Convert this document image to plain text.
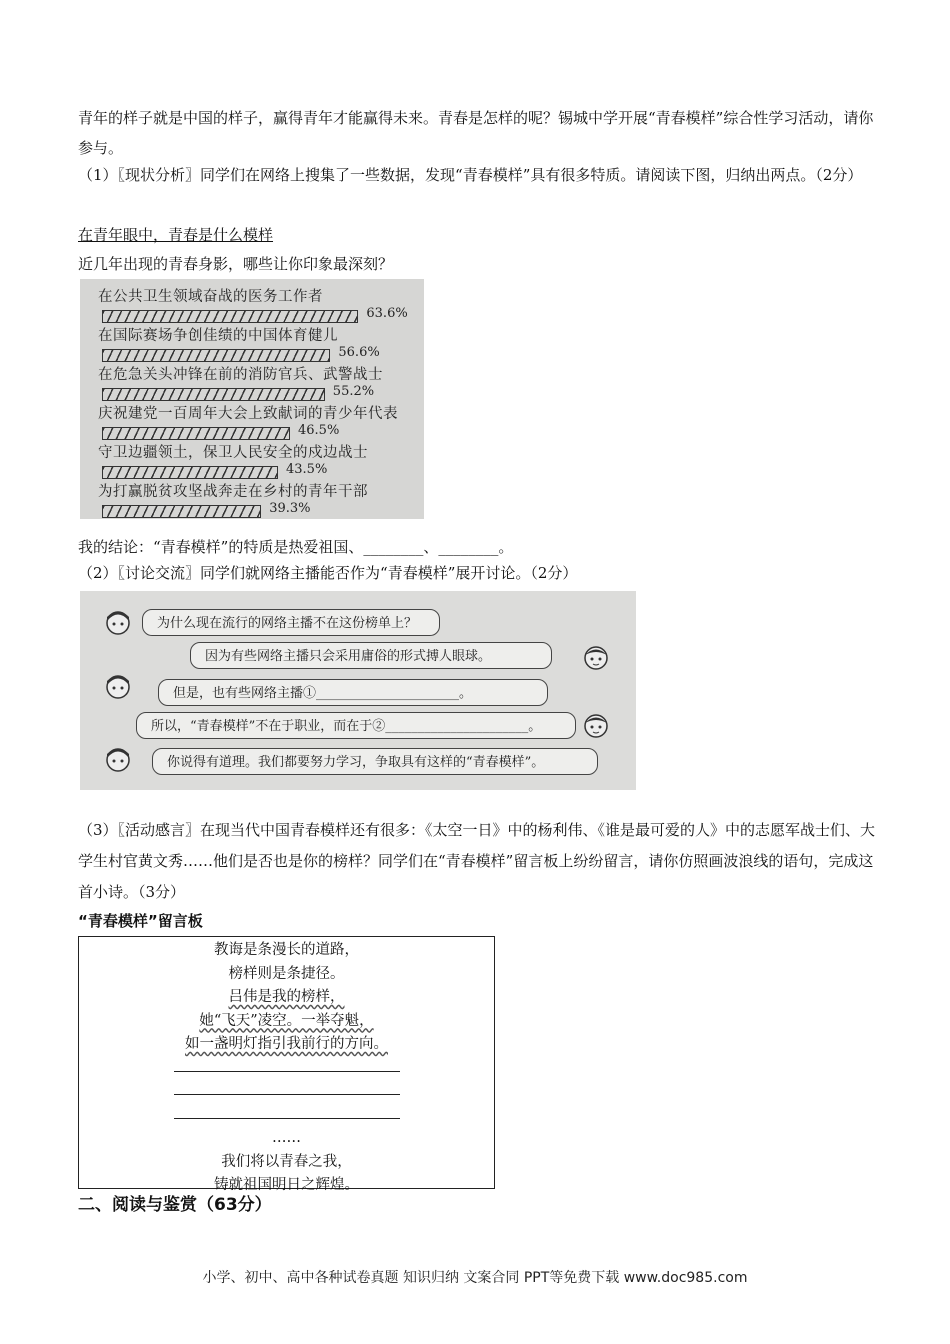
青年的样子就是中国的样子，赢得青年才能赢得未来。青春是怎样的呢？锡城中学开展“青春模样”综合性学习活动，请你参与。
（1）〖现状分析〗同学们在网络上搜集了一些数据，发现“青春模样”具有很多特质。请阅读下图，归纳出两点。（2分）
在青年眼中，青春是什么模样
近几年出现的青春身影，哪些让你印象最深刻？
在公共卫生领域奋战的医务工作者
63.6%
在国际赛场争创佳绩的中国体育健儿
56.6%
在危急关头冲锋在前的消防官兵、武警战士
55.2%
庆祝建党一百周年大会上致献词的青少年代表
46.5%
守卫边疆领土，保卫人民安全的戍边战士
43.5%
为打赢脱贫攻坚战奔走在乡村的青年干部
39.3%
我的结论：“青春模样”的特质是热爱祖国、________、________。
（2）〖讨论交流〗同学们就网络主播能否作为“青春模样”展开讨论。（2分）
为什么现在流行的网络主播不在这份榜单上？
因为有些网络主播只会采用庸俗的形式搏人眼球。
但是，也有些网络主播①______________________。
所以，“青春模样”不在于职业，而在于②______________________。
你说得有道理。我们都要努力学习，争取具有这样的“青春模样”。
（3）〖活动感言〗在现当代中国青春模样还有很多：《太空一日》中的杨利伟、《谁是最可爱的人》中的志愿军战士们、大学生村官黄文秀……他们是否也是你的榜样？同学们在“青春模样”留言板上纷纷留言，请你仿照画波浪线的语句，完成这首小诗。（3分）
“青春模样”留言板
教诲是条漫长的道路，
榜样则是条捷径。
吕伟是我的榜样，
她“飞天”凌空。一举夺魁，
如一盏明灯指引我前行的方向。
……
我们将以青春之我，
铸就祖国明日之辉煌。
二、阅读与鉴赏（63分）
小学、初中、高中各种试卷真题 知识归纳 文案合同 PPT等免费下载 www.doc985.com
